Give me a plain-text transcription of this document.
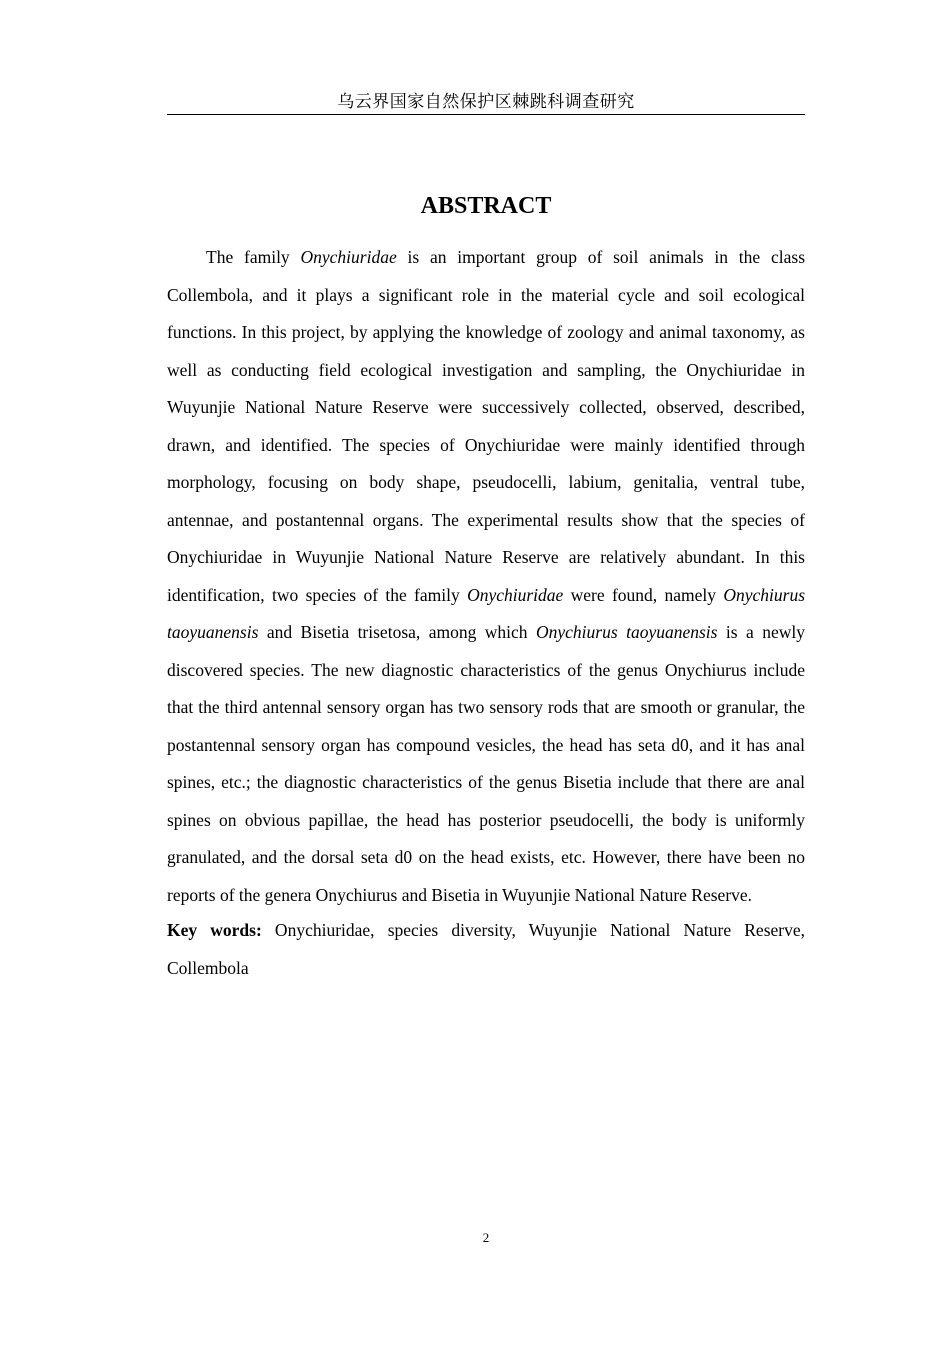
乌云界国家自然保护区棘跳科调查研究
ABSTRACT

The family Onychiuridae is an important group of soil animals in the class Collembola, and it plays a significant role in the material cycle and soil ecological functions. In this project, by applying the knowledge of zoology and animal taxonomy, as well as conducting field ecological investigation and sampling, the Onychiuridae in Wuyunjie National Nature Reserve were successively collected, observed, described, drawn, and identified. The species of Onychiuridae were mainly identified through morphology, focusing on body shape, pseudocelli, labium, genitalia, ventral tube, antennae, and postantennal organs. The experimental results show that the species of Onychiuridae in Wuyunjie National Nature Reserve are relatively abundant. In this identification, two species of the family Onychiuridae were found, namely Onychiurus taoyuanensis and Bisetia trisetosa, among which Onychiurus taoyuanensis is a newly discovered species. The new diagnostic characteristics of the genus Onychiurus include that the third antennal sensory organ has two sensory rods that are smooth or granular, the postantennal sensory organ has compound vesicles, the head has seta d0, and it has anal spines, etc.; the diagnostic characteristics of the genus Bisetia include that there are anal spines on obvious papillae, the head has posterior pseudocelli, the body is uniformly granulated, and the dorsal seta d0 on the head exists, etc. However, there have been no reports of the genera Onychiurus and Bisetia in Wuyunjie National Nature Reserve.

Key words: Onychiuridae, species diversity, Wuyunjie National Nature Reserve, Collembola

2
